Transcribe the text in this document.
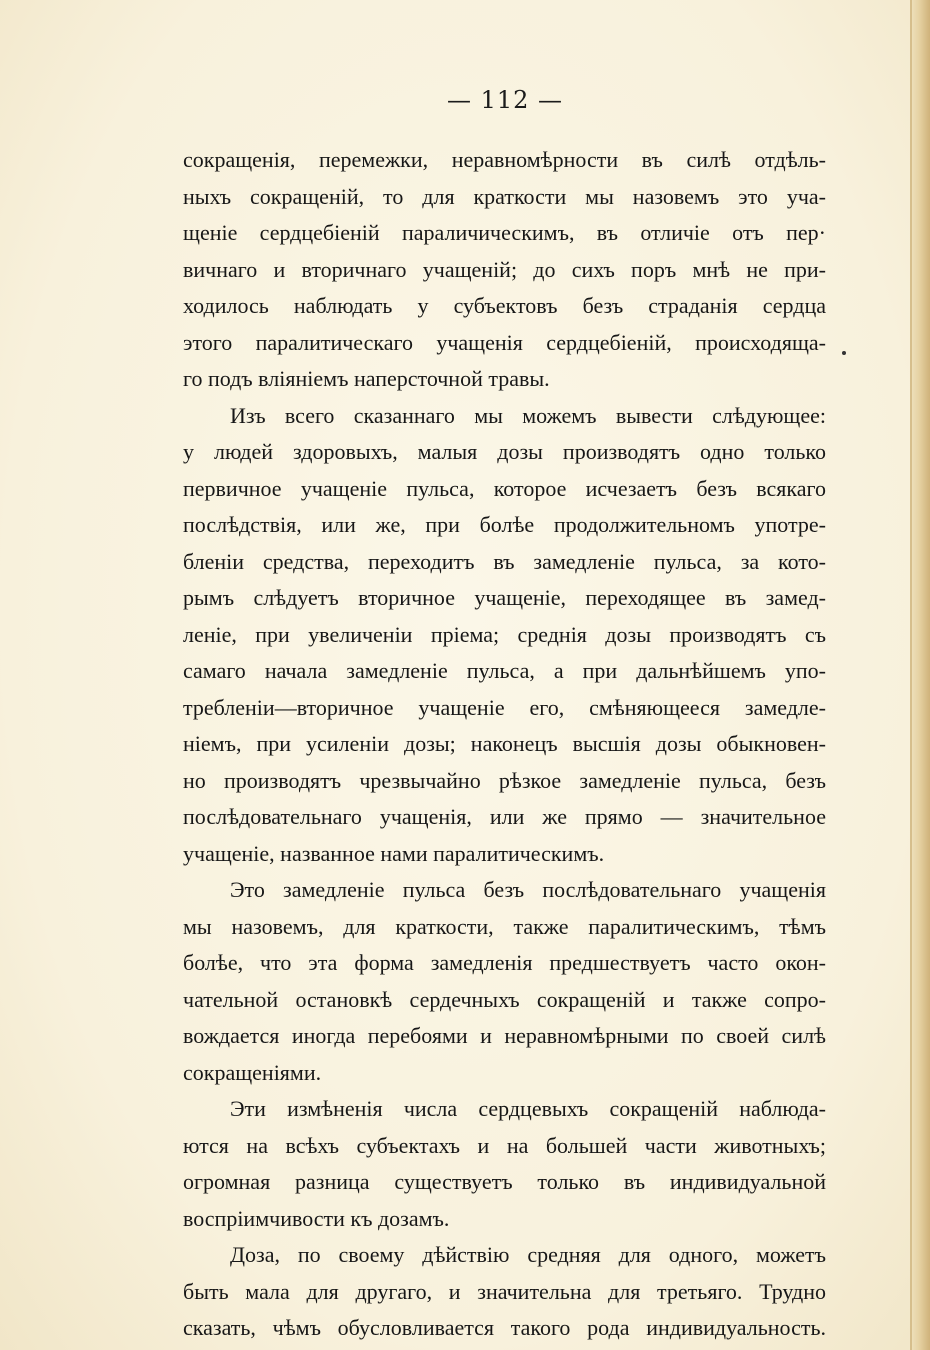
— 112 —
сокращенія, перемежки, неравномѣрности въ силѣ отдѣль-
ныхъ сокращеній, то для краткости мы назовемъ это уча-
щеніе сердцебіеній параличическимъ, въ отличіе отъ пер·
вичнаго и вторичнаго учащеній; до сихъ поръ мнѣ не при-
ходилось наблюдать у субъектовъ безъ страданія сердца
этого паралитическаго учащенія сердцебіеній, происходяща-
го подъ вліяніемъ наперсточной травы.
Изъ всего сказаннаго мы можемъ вывести слѣдующее:
у людей здоровыхъ, малыя дозы производятъ одно только
первичное учащеніе пульса, которое исчезаетъ безъ всякаго
послѣдствія, или же, при болѣе продолжительномъ употре-
бленіи средства, переходитъ въ замедленіе пульса, за кото-
рымъ слѣдуетъ вторичное учащеніе, переходящее въ замед-
леніе, при увеличеніи пріема; среднія дозы производятъ съ
самаго начала замедленіе пульса, а при дальнѣйшемъ упо-
требленіи—вторичное учащеніе его, смѣняющееся замедле-
ніемъ, при усиленіи дозы; наконецъ высшія дозы обыкновен-
но производятъ чрезвычайно рѣзкое замедленіе пульса, безъ
послѣдовательнаго учащенія, или же прямо — значительное
учащеніе, названное нами паралитическимъ.
Это замедленіе пульса безъ послѣдовательнаго учащенія
мы назовемъ, для краткости, также паралитическимъ, тѣмъ
болѣе, что эта форма замедленія предшествуетъ часто окон-
чательной остановкѣ сердечныхъ сокращеній и также сопро-
вождается иногда перебоями и неравномѣрными по своей силѣ
сокращеніями.
Эти измѣненія числа сердцевыхъ сокращеній наблюда-
ются на всѣхъ субъектахъ и на большей части животныхъ;
огромная разница существуетъ только въ индивидуальной
воспріимчивости къ дозамъ.
Доза, по своему дѣйствію средняя для одного, можетъ
быть мала для другаго, и значительна для третьяго. Трудно
сказать, чѣмъ обусловливается такого рода индивидуальность.
